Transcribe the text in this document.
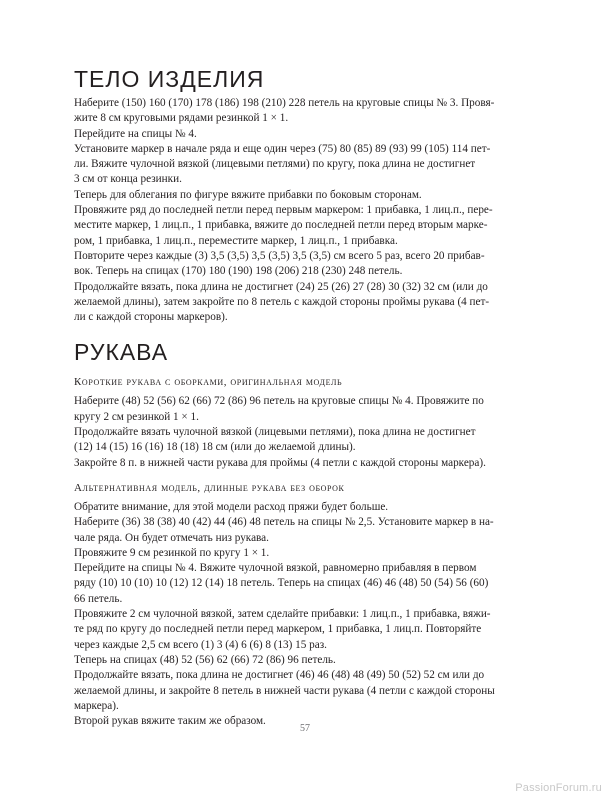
ТЕЛО ИЗДЕЛИЯ

Наберите (150) 160 (170) 178 (186) 198 (210) 228 петель на круговые спицы № 3. Провя-

жите 8 см круговыми рядами резинкой 1 × 1.

Перейдите на спицы № 4.

Установите маркер в начале ряда и еще один через (75) 80 (85) 89 (93) 99 (105) 114 пет-

ли. Вяжите чулочной вязкой (лицевыми петлями) по кругу, пока длина не достигнет

3 см от конца резинки.

Теперь для облегания по фигуре вяжите прибавки по боковым сторонам.

Провяжите ряд до последней петли перед первым маркером: 1 прибавка, 1 лиц.п., пере-

местите маркер, 1 лиц.п., 1 прибавка, вяжите до последней петли перед вторым марке-

ром, 1 прибавка, 1 лиц.п., переместите маркер, 1 лиц.п., 1 прибавка.

Повторите через каждые (3) 3,5 (3,5) 3,5 (3,5) 3,5 (3,5) см всего 5 раз, всего 20 прибав-

вок. Теперь на спицах (170) 180 (190) 198 (206) 218 (230) 248 петель.

Продолжайте вязать, пока длина не достигнет (24) 25 (26) 27 (28) 30 (32) 32 см (или до

желаемой длины), затем закройте по 8 петель с каждой стороны проймы рукава (4 пет-

ли с каждой стороны маркеров).

РУКАВА

Короткие рукава с оборками, оригинальная модель

Наберите (48) 52 (56) 62 (66) 72 (86) 96 петель на круговые спицы № 4. Провяжите по

кругу 2 см резинкой 1 × 1.

Продолжайте вязать чулочной вязкой (лицевыми петлями), пока длина не достигнет

(12) 14 (15) 16 (16) 18 (18) 18 см (или до желаемой длины).

Закройте 8 п. в нижней части рукава для проймы (4 петли с каждой стороны маркера).

Альтернативная модель, длинные рукава без оборок

Обратите внимание, для этой модели расход пряжи будет больше.

Наберите (36) 38 (38) 40 (42) 44 (46) 48 петель на спицы № 2,5. Установите маркер в на-

чале ряда. Он будет отмечать низ рукава.

Провяжите 9 см резинкой по кругу 1 × 1.

Перейдите на спицы № 4. Вяжите чулочной вязкой, равномерно прибавляя в первом

ряду (10) 10 (10) 10 (12) 12 (14) 18 петель. Теперь на спицах (46) 46 (48) 50 (54) 56 (60)

66 петель.

Провяжите 2 см чулочной вязкой, затем сделайте прибавки: 1 лиц.п., 1 прибавка, вяжи-

те ряд по кругу до последней петли перед маркером, 1 прибавка, 1 лиц.п. Повторяйте

через каждые 2,5 см всего (1) 3 (4) 6 (6) 8 (13) 15 раз.

Теперь на спицах (48) 52 (56) 62 (66) 72 (86) 96 петель.

Продолжайте вязать, пока длина не достигнет (46) 46 (48) 48 (49) 50 (52) 52 см или до

желаемой длины, и закройте 8 петель в нижней части рукава (4 петли с каждой стороны

маркера).

Второй рукав вяжите таким же образом.

57
PassionForum.ru
